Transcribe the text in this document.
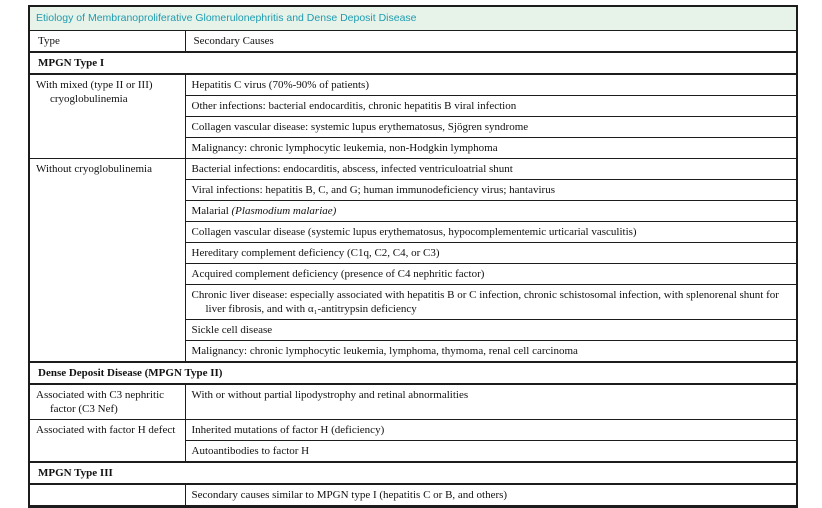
Etiology of Membranoproliferative Glomerulonephritis and Dense Deposit Disease	
Type	Secondary Causes
MPGN Type I	
With mixed (type II or III) cryoglobulinemia	Hepatitis C virus (70%-90% of patients)
	Other infections: bacterial endocarditis, chronic hepatitis B viral infection
	Collagen vascular disease: systemic lupus erythematosus, Sjögren syndrome
	Malignancy: chronic lymphocytic leukemia, non-Hodgkin lymphoma
Without cryoglobulinemia	Bacterial infections: endocarditis, abscess, infected ventriculoatrial shunt
	Viral infections: hepatitis B, C, and G; human immunodeficiency virus; hantavirus
	Malarial (Plasmodium malariae)
	Collagen vascular disease (systemic lupus erythematosus, hypocomplementemic urticarial vasculitis)
	Hereditary complement deficiency (C1q, C2, C4, or C3)
	Acquired complement deficiency (presence of C4 nephritic factor)
	Chronic liver disease: especially associated with hepatitis B or C infection, chronic schistosomal infection, with splenorenal shunt for liver fibrosis, and with α₁-antitrypsin deficiency
	Sickle cell disease
	Malignancy: chronic lymphocytic leukemia, lymphoma, thymoma, renal cell carcinoma
Dense Deposit Disease (MPGN Type II)	
Associated with C3 nephritic factor (C3 Nef)	With or without partial lipodystrophy and retinal abnormalities
Associated with factor H defect	Inherited mutations of factor H (deficiency)
	Autoantibodies to factor H
MPGN Type III	
	Secondary causes similar to MPGN type I (hepatitis C or B, and others)
